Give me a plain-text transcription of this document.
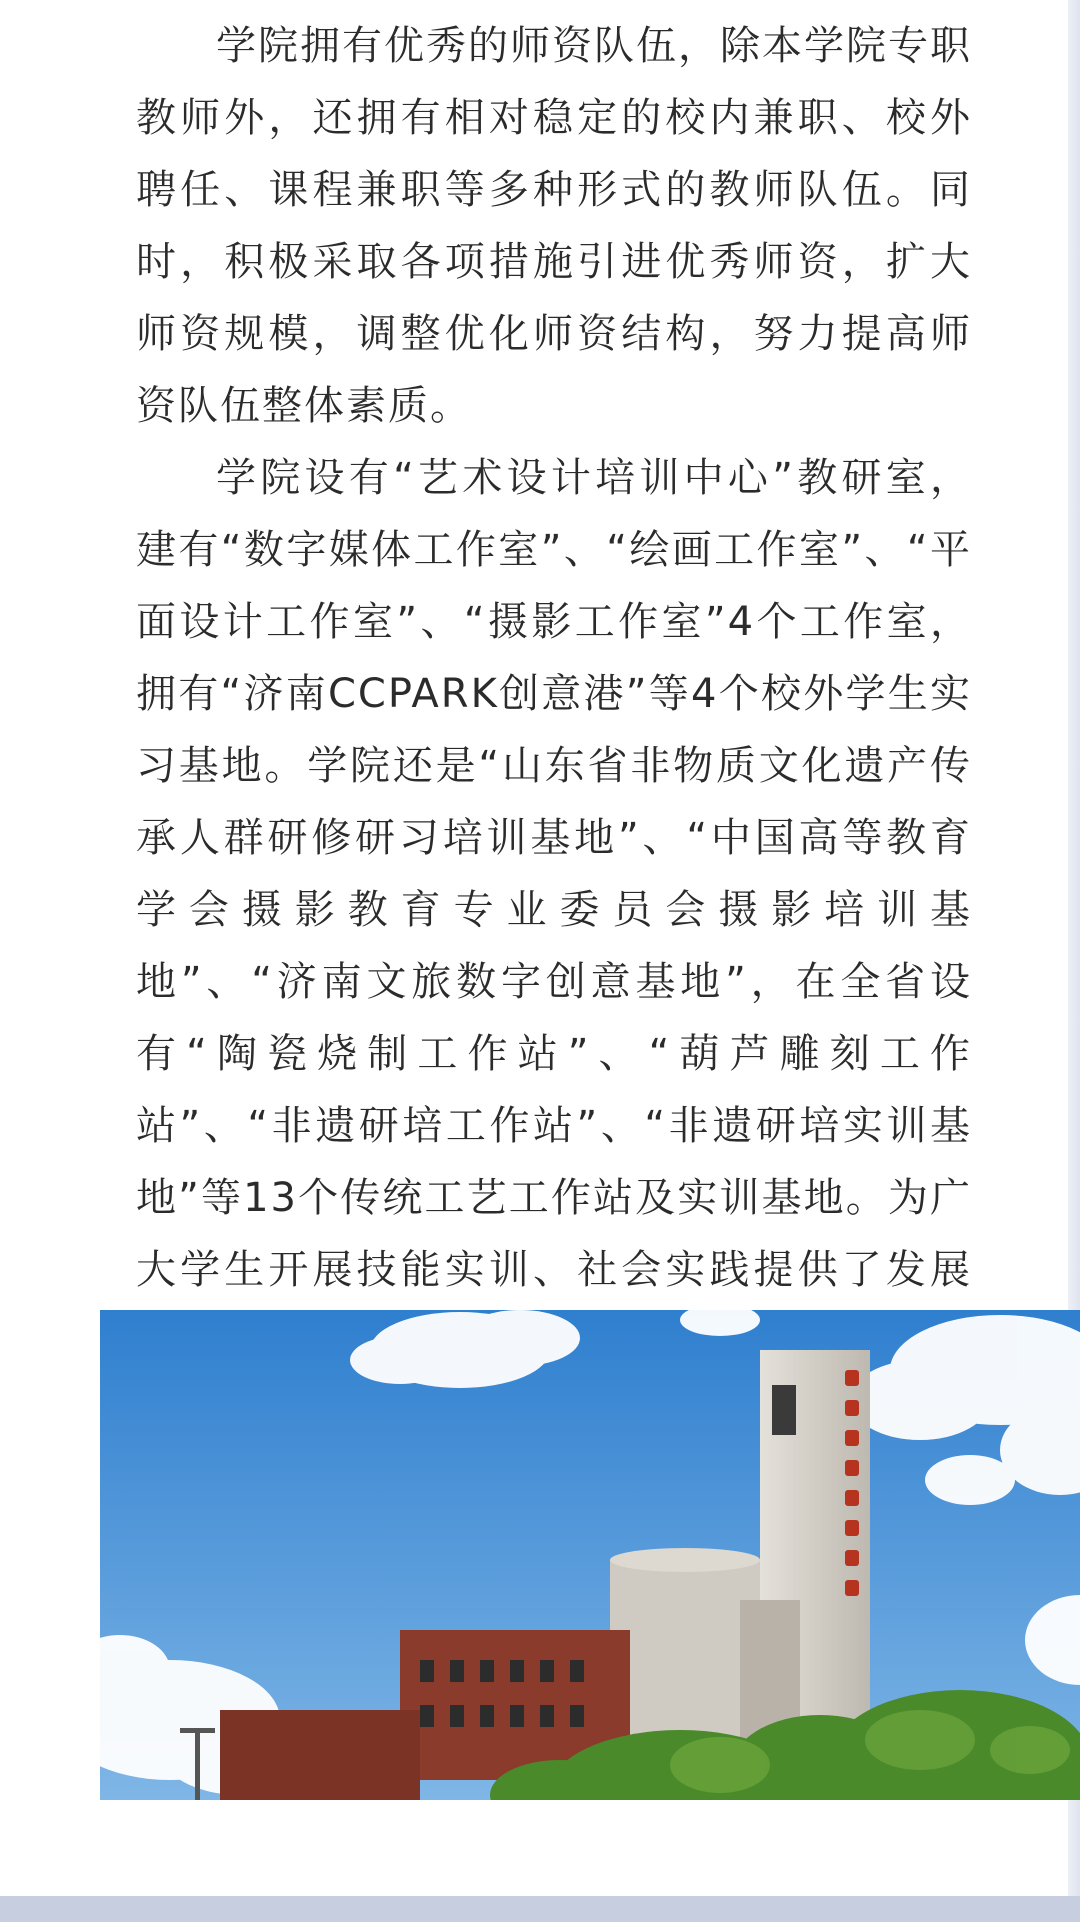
学院拥有优秀的师资队伍，除本学院专职教师外，还拥有相对稳定的校内兼职、校外聘任、课程兼职等多种形式的教师队伍。同时，积极采取各项措施引进优秀师资，扩大师资规模，调整优化师资结构，努力提高师资队伍整体素质。

学院设有“艺术设计培训中心”教研室，建有“数字媒体工作室”、“绘画工作室”、“平面设计工作室”、“摄影工作室”4个工作室，拥有“济南CCPARK创意港”等4个校外学生实习基地。学院还是“山东省非物质文化遗产传承人群研修研习培训基地”、“中国高等教育学会摄影教育专业委员会摄影培训基地”、“济南文旅数字创意基地”，在全省设有“陶瓷烧制工作站”、“葫芦雕刻工作站”、“非遗研培工作站”、“非遗研培实训基地”等13个传统工艺工作站及实训基地。为广大学生开展技能实训、社会实践提供了发展
